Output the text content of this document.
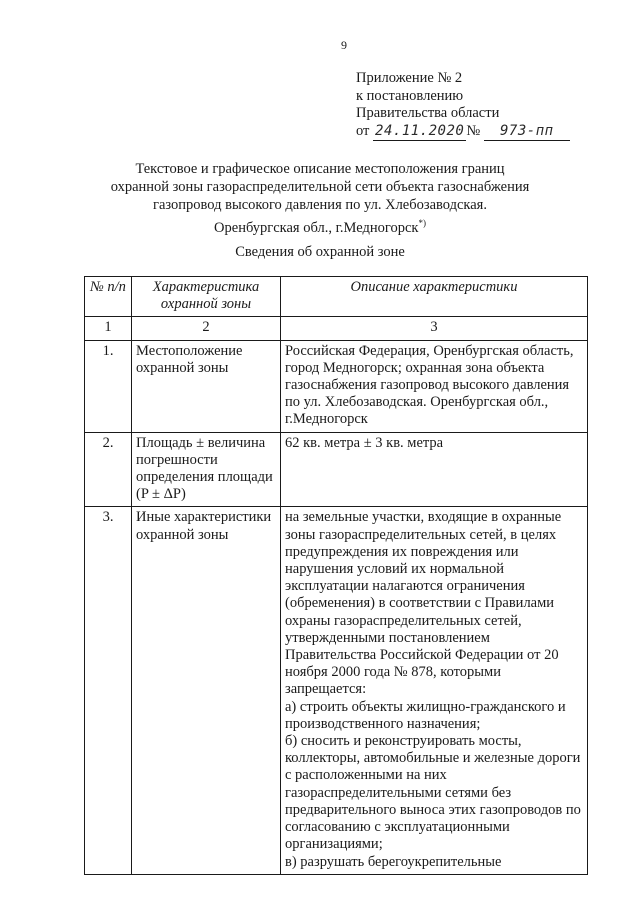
9
Приложение № 2
к постановлению
Правительства области
от 24.11.2020 № 973-пп
Текстовое и графическое описание местоположения границ
охранной зоны газораспределительной сети объекта газоснабжения
газопровод высокого давления по ул. Хлебозаводская.
Оренбургская обл., г.Медногорск*)
Сведения об охранной зоне
№ п/п	Характеристика охранной зоны	Описание характеристики
1	2	3
1.	Местоположение охранной зоны	Российская Федерация, Оренбургская область, город Медногорск; охранная зона объекта газоснабжения газопровод высокого давления по ул. Хлебозаводская. Оренбургская обл., г.Медногорск
2.	Площадь ± величина погрешности определения площади (P ± ΔP)	62 кв. метра ± 3 кв. метра
3.	Иные характеристики охранной зоны	на земельные участки, входящие в охранные зоны газораспределительных сетей, в целях предупреждения их повреждения или нарушения условий их нормальной эксплуатации налагаются ограничения (обременения) в соответствии с Правилами охраны газораспределительных сетей, утвержденными постановлением Правительства Российской Федерации от 20 ноября 2000 года № 878, которыми запрещается:
а) строить объекты жилищно-гражданского и производственного назначения;
б) сносить и реконструировать мосты, коллекторы, автомобильные и железные дороги с расположенными на них газораспределительными сетями без предварительного выноса этих газопроводов по согласованию с эксплуатационными организациями;
в) разрушать берегоукрепительные
